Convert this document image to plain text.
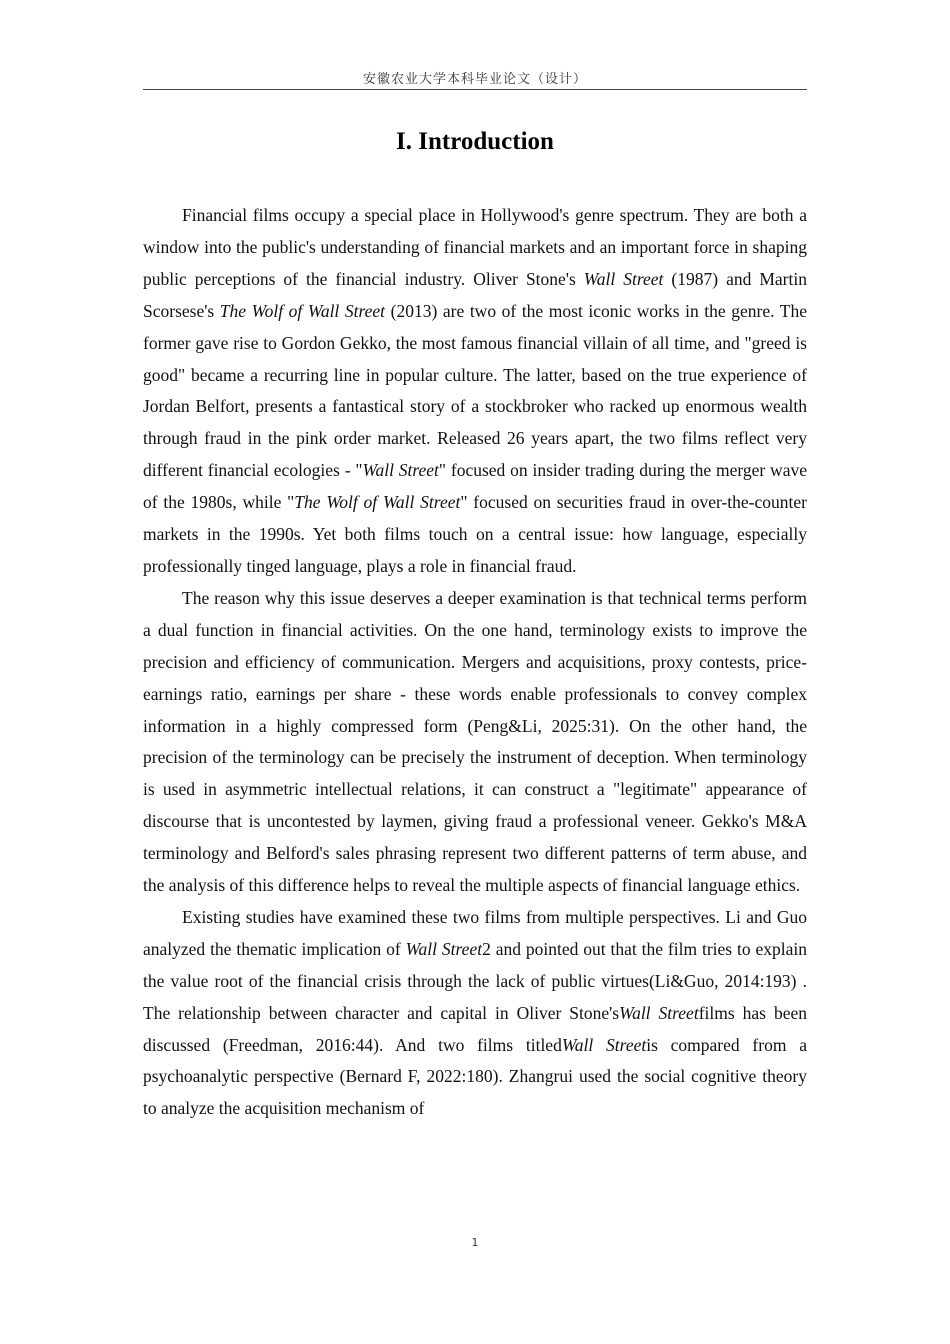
安徽农业大学本科毕业论文（设计）
I. Introduction

Financial films occupy a special place in Hollywood's genre spectrum. They are both a window into the public's understanding of financial markets and an important force in shaping public perceptions of the financial industry. Oliver Stone's Wall Street (1987) and Martin Scorsese's The Wolf of Wall Street (2013) are two of the most iconic works in the genre. The former gave rise to Gordon Gekko, the most famous financial villain of all time, and "greed is good" became a recurring line in popular culture. The latter, based on the true experience of Jordan Belfort, presents a fantastical story of a stockbroker who racked up enormous wealth through fraud in the pink order market. Released 26 years apart, the two films reflect very different financial ecologies - "Wall Street" focused on insider trading during the merger wave of the 1980s, while "The Wolf of Wall Street" focused on securities fraud in over-the-counter markets in the 1990s. Yet both films touch on a central issue: how language, especially professionally tinged language, plays a role in financial fraud.

The reason why this issue deserves a deeper examination is that technical terms perform a dual function in financial activities. On the one hand, terminology exists to improve the precision and efficiency of communication. Mergers and acquisitions, proxy contests, price-earnings ratio, earnings per share - these words enable professionals to convey complex information in a highly compressed form (Peng&Li, 2025:31). On the other hand, the precision of the terminology can be precisely the instrument of deception. When terminology is used in asymmetric intellectual relations, it can construct a "legitimate" appearance of discourse that is uncontested by laymen, giving fraud a professional veneer. Gekko's M&A terminology and Belford's sales phrasing represent two different patterns of term abuse, and the analysis of this difference helps to reveal the multiple aspects of financial language ethics.

Existing studies have examined these two films from multiple perspectives. Li and Guo analyzed the thematic implication of Wall Street2 and pointed out that the film tries to explain the value root of the financial crisis through the lack of public virtues(Li&Guo, 2014:193) . The relationship between character and capital in Oliver Stone'sWall Streetfilms has been discussed (Freedman, 2016:44). And two films titledWall Streetis compared from a psychoanalytic perspective (Bernard F, 2022:180). Zhangrui used the social cognitive theory to analyze the acquisition mechanism of

1
